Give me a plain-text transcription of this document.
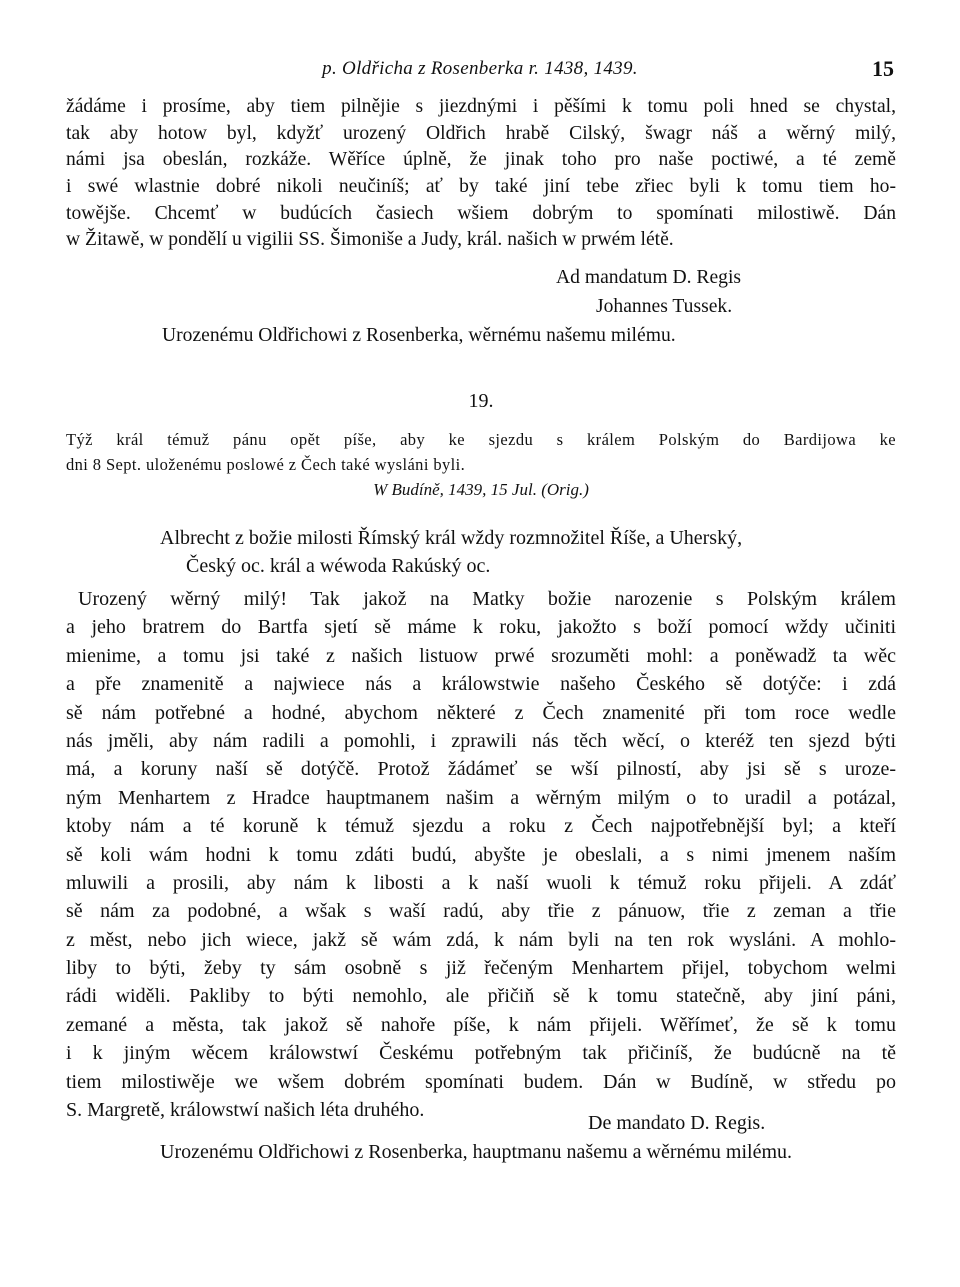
p. Oldřicha z Rosenberka r. 1438, 1439.	15
žádáme i prosíme, aby tiem pilnějie s jiezdnými i pěšími k tomu poli hned se chystal,
tak aby hotow byl, kdyžť urozený Oldřich hrabě Cilský, šwagr náš a wěrný milý,
námi jsa obeslán, rozkáže. Wěříce úplně, že jinak toho pro naše poctiwé, a té země
i swé wlastnie dobré nikoli neučiníš; ať by také jiní tebe zřiec byli k tomu tiem ho-
towějše. Chcemť w budúcích časiech wšiem dobrým to spomínati milostiwě. Dán
w Žitawě, w pondělí u vigilii SS. Šimoniše a Judy, král. našich w prwém létě.
Ad mandatum D. Regis
Johannes Tussek.
Urozenému Oldřichowi z Rosenberka, wěrnému našemu milému.
19.
Týž král témuž pánu opět píše, aby ke sjezdu s králem Polským do Bardijowa ke
dni 8 Sept. uloženému poslowé z Čech také wysláni byli.
W Budíně, 1439, 15 Jul. (Orig.)
Albrecht z božie milosti Římský král wždy rozmnožitel Říše, a Uherský,
Český oc. král a wéwoda Rakúský oc.
Urozený wěrný milý! Tak jakož na Matky božie narozenie s Polským králem
a jeho bratrem do Bartfa sjetí sě máme k roku, jakožto s boží pomocí wždy učiniti
mienime, a tomu jsi také z našich listuow prwé srozuměti mohl: a poněwadž ta wěc
a pře znamenitě a najwiece nás a králowstwie našeho Českého sě dotýče: i zdá
sě nám potřebné a hodné, abychom některé z Čech znamenité při tom roce wedle
nás jměli, aby nám radili a pomohli, i zprawili nás těch wěcí, o kteréž ten sjezd býti
má, a koruny naší sě dotýčě. Protož žádámeť se wší pilností, aby jsi sě s uroze-
ným Menhartem z Hradce hauptmanem našim a wěrným milým o to uradil a potázal,
ktoby nám a té koruně k témuž sjezdu a roku z Čech najpotřebnější byl; a kteří
sě koli wám hodni k tomu zdáti budú, abyšte je obeslali, a s nimi jmenem naším
mluwili a prosili, aby nám k libosti a k naší wuoli k témuž roku přijeli. A zdáť
sě nám za podobné, a wšak s waší radú, aby třie z pánuow, třie z zeman a třie
z měst, nebo jich wiece, jakž sě wám zdá, k nám byli na ten rok wysláni. A mohlo-
liby to býti, žeby ty sám osobně s již řečeným Menhartem přijel, tobychom welmi
rádi widěli. Pakliby to býti nemohlo, ale přičiň sě k tomu statečně, aby jiní páni,
zemané a města, tak jakož sě nahoře píše, k nám přijeli. Wěřímeť, že sě k tomu
i k jiným wěcem králowstwí Českému potřebným tak přičiníš, že budúcně na tě
tiem milostiwěje we wšem dobrém spomínati budem. Dán w Budíně, w středu po
S. Margretě, králowstwí našich léta druhého.
De mandato D. Regis.
Urozenému Oldřichowi z Rosenberka, hauptmanu našemu a wěrnému milému.
